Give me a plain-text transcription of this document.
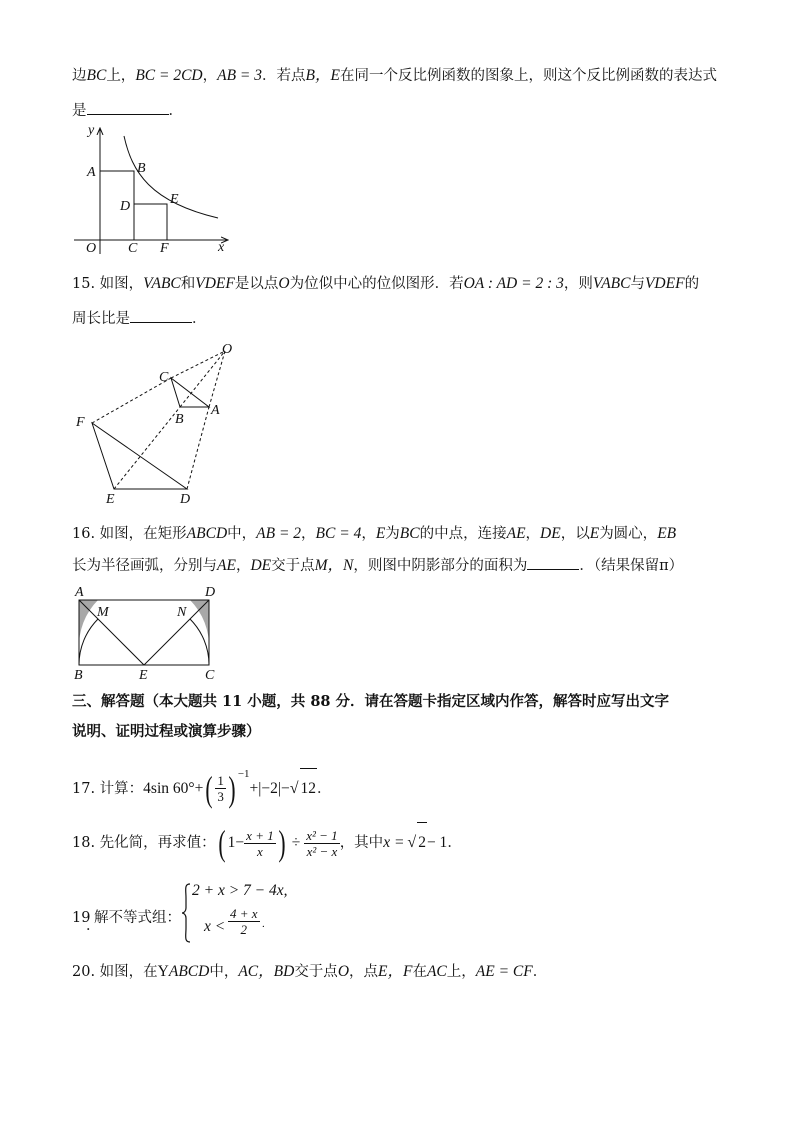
边BC上，BC = 2CD，AB = 3．若点B，E在同一个反比例函数的图象上，则这个反比例函数的表达式
是	．
y
x
O
A	B
C
D	E
F
15. 如图，VABC和VDEF是以点O为位似中心的位似图形．若OA : AD = 2 : 3，则VABC与VDEF的
周长比是	．
O
C
A
B
F
E	D
16. 如图，在矩形ABCD中，AB = 2，BC = 4，E为BC的中点，连接AE，DE，以E为圆心，EB
长为半径画弧，分别与AE，DE交于点M，N，则图中阴影部分的面积为	．（结果保留π）
A	D
M	N
B	E	C
三、解答题（本大题共 11 小题，共 88 分．请在答题卡指定区域内作答，解答时应写出文字
说明、证明过程或演算步骤）
17. 计算：4sin $60^\circ+( \frac{1}{3}$ ) $^{-1}$+|−2|−√ 12．
18. 先化简，再求值：( $1- \frac{x + 1}{x}$ ) ÷ $\frac{\text{x² − 1}}{\text{x² − x}}$ ，其中x = √ 2− 1．
19
．
解不等式组：
2 + x > 7 − 4x,
$x < \frac{4 + x}{2}$ .
20. 如图，在YABCD中，AC，BD交于点O，点E，F在AC上，AE = CF．
